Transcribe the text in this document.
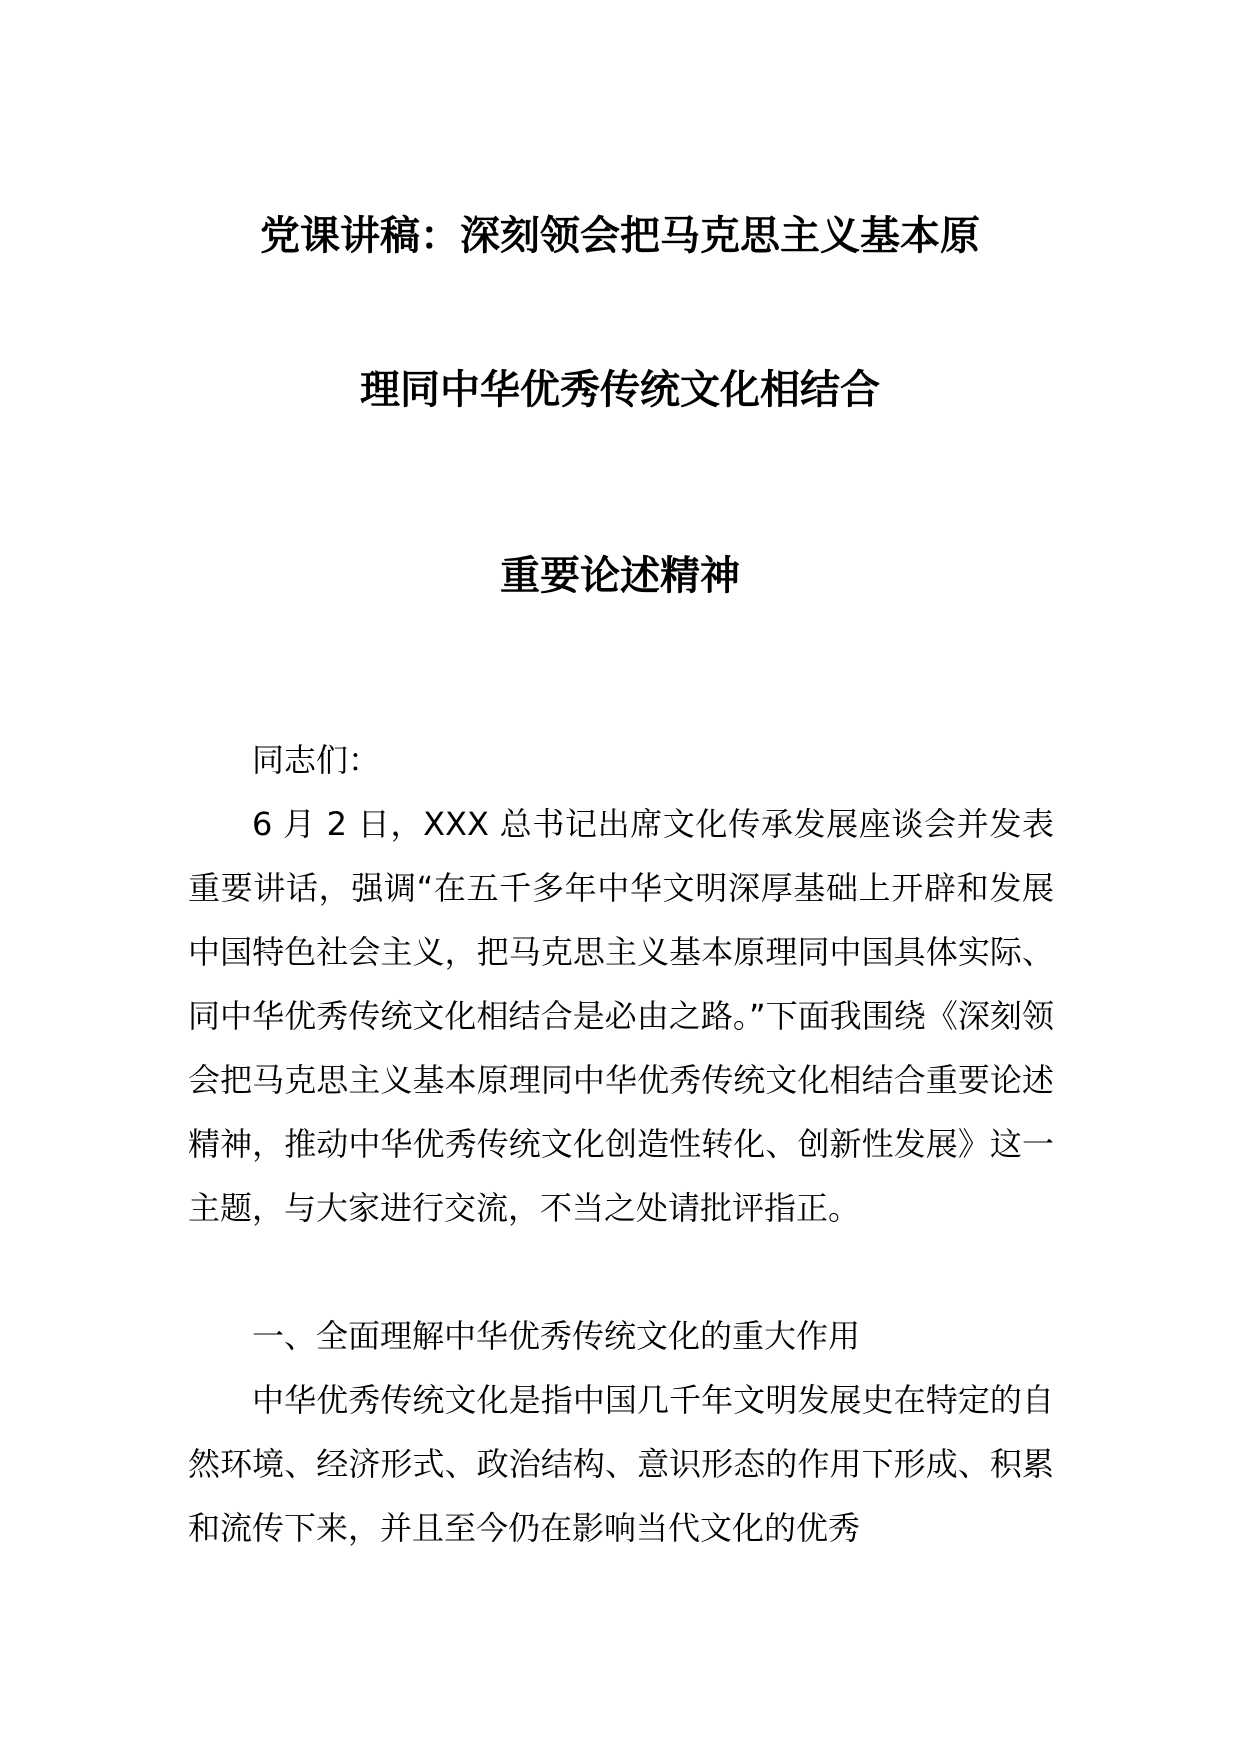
党课讲稿：深刻领会把马克思主义基本原
理同中华优秀传统文化相结合
重要论述精神

同志们：

6 月 2 日，XXX 总书记出席文化传承发展座谈会并发表重要讲话，强调“在五千多年中华文明深厚基础上开辟和发展中国特色社会主义，把马克思主义基本原理同中国具体实际、同中华优秀传统文化相结合是必由之路。”下面我围绕《深刻领会把马克思主义基本原理同中华优秀传统文化相结合重要论述精神，推动中华优秀传统文化创造性转化、创新性发展》这一主题，与大家进行交流，不当之处请批评指正。

一、全面理解中华优秀传统文化的重大作用

中华优秀传统文化是指中国几千年文明发展史在特定的自然环境、经济形式、政治结构、意识形态的作用下形成、积累和流传下来，并且至今仍在影响当代文化的优秀
